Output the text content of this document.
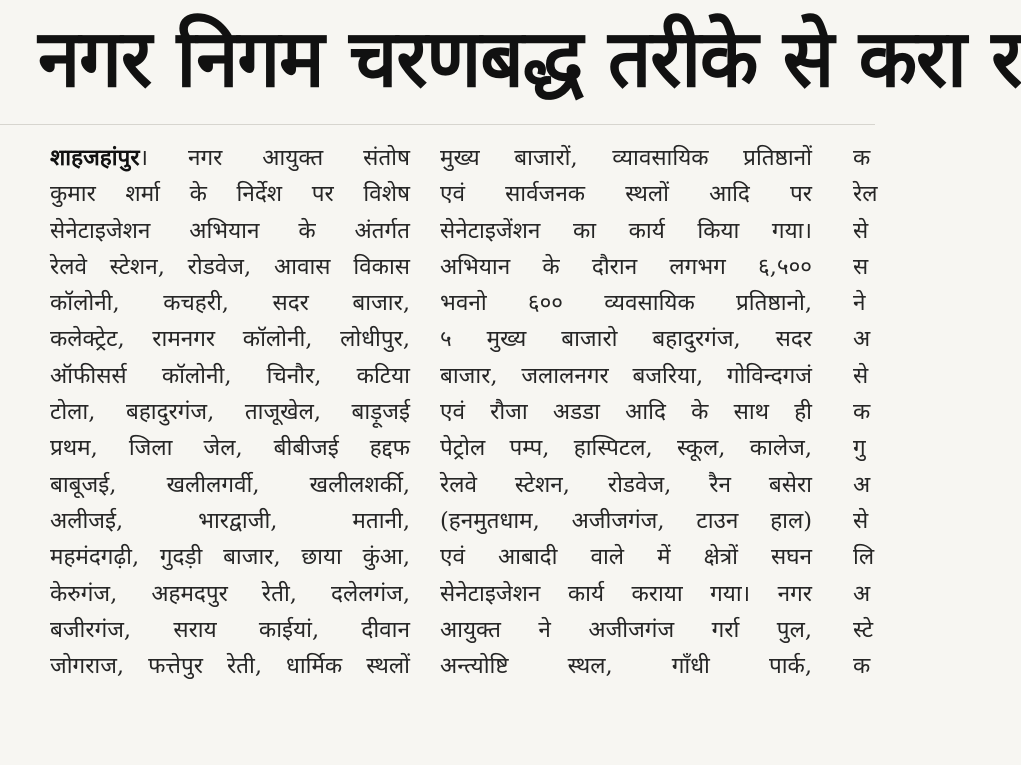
नगर निगम चरणबद्ध तरीके से करा र
शाहजहांपुर। नगर आयुक्त संतोष
कुमार शर्मा के निर्देश पर विशेष
सेनेटाइजेशन अभियान के अंतर्गत
रेलवे स्टेशन, रोडवेज, आवास विकास
कॉलोनी, कचहरी, सदर बाजार,
कलेक्ट्रेट, रामनगर कॉलोनी, लोधीपुर,
ऑफीसर्स कॉलोनी, चिनौर, कटिया
टोला, बहादुरगंज, ताजूखेल, बाड़ूजई
प्रथम, जिला जेल, बीबीजई हद्दफ
बाबूजई, खलीलगर्वी, खलीलशर्की,
अलीजई, भारद्वाजी, मतानी,
महमंदगढ़ी, गुदड़ी बाजार, छाया कुंआ,
केरुगंज, अहमदपुर रेती, दलेलगंज,
बजीरगंज, सराय काईयां, दीवान
जोगराज, फत्तेपुर रेती, धार्मिक स्थलों
मुख्य बाजारों, व्यावसायिक प्रतिष्ठानों
एवं सार्वजनक स्थलों आदि पर
सेनेटाइजेंशन का कार्य किया गया।
अभियान के दौरान लगभग ६,५००
भवनो ६०० व्यवसायिक प्रतिष्ठानो,
५ मुख्य बाजारो बहादुरगंज, सदर
बाजार, जलालनगर बजरिया, गोविन्दगजं
एवं रौजा अडडा आदि के साथ ही
पेट्रोल पम्प, हास्पिटल, स्कूल, कालेज,
रेलवे स्टेशन, रोडवेज, रैन बसेरा
(हनमुतधाम, अजीजगंज, टाउन हाल)
एवं आबादी वाले में क्षेत्रों सघन
सेनेटाइजेशन कार्य कराया गया। नगर
आयुक्त ने अजीजगंज गर्रा पुल,
अन्त्योष्टि स्थल, गाँधी पार्क,
क
रेल
से
स
ने
अ
से
क
गु
अ
से
लि
अ
स्टे
क
